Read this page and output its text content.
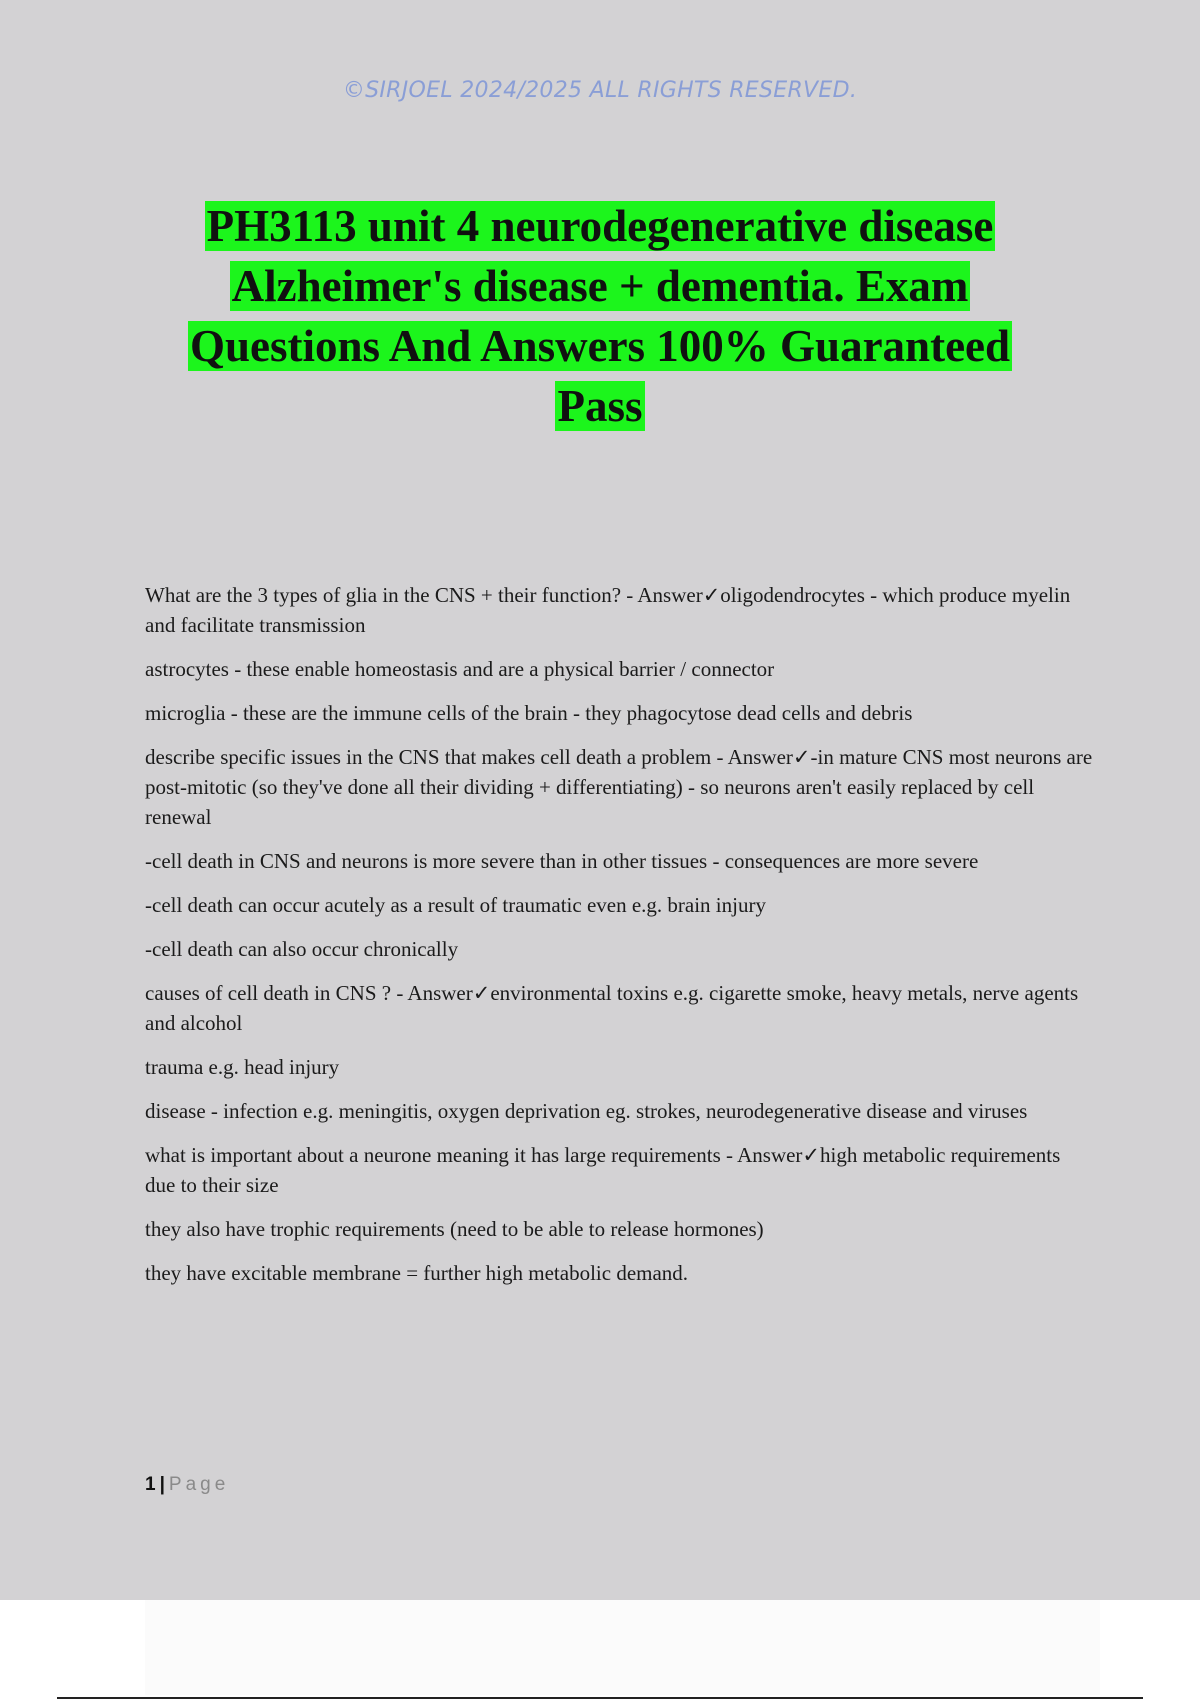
©SIRJOEL 2024/2025 ALL RIGHTS RESERVED.
PH3113 unit 4 neurodegenerative disease
Alzheimer's disease + dementia. Exam
Questions And Answers 100% Guaranteed
Pass

What are the 3 types of glia in the CNS + their function? - Answer✓oligodendrocytes - which produce myelin and facilitate transmission

astrocytes - these enable homeostasis and are a physical barrier / connector

microglia - these are the immune cells of the brain - they phagocytose dead cells and debris

describe specific issues in the CNS that makes cell death a problem - Answer✓-in mature CNS most neurons are post-mitotic (so they've done all their dividing + differentiating) - so neurons aren't easily replaced by cell renewal

-cell death in CNS and neurons is more severe than in other tissues - consequences are more severe

-cell death can occur acutely as a result of traumatic even e.g. brain injury

-cell death can also occur chronically

causes of cell death in CNS ? - Answer✓environmental toxins e.g. cigarette smoke, heavy metals, nerve agents and alcohol

trauma e.g. head injury

disease - infection e.g. meningitis, oxygen deprivation eg. strokes, neurodegenerative disease and viruses

what is important about a neurone meaning it has large requirements - Answer✓high metabolic requirements due to their size

they also have trophic requirements (need to be able to release hormones)

they have excitable membrane = further high metabolic demand.

1 | Page
